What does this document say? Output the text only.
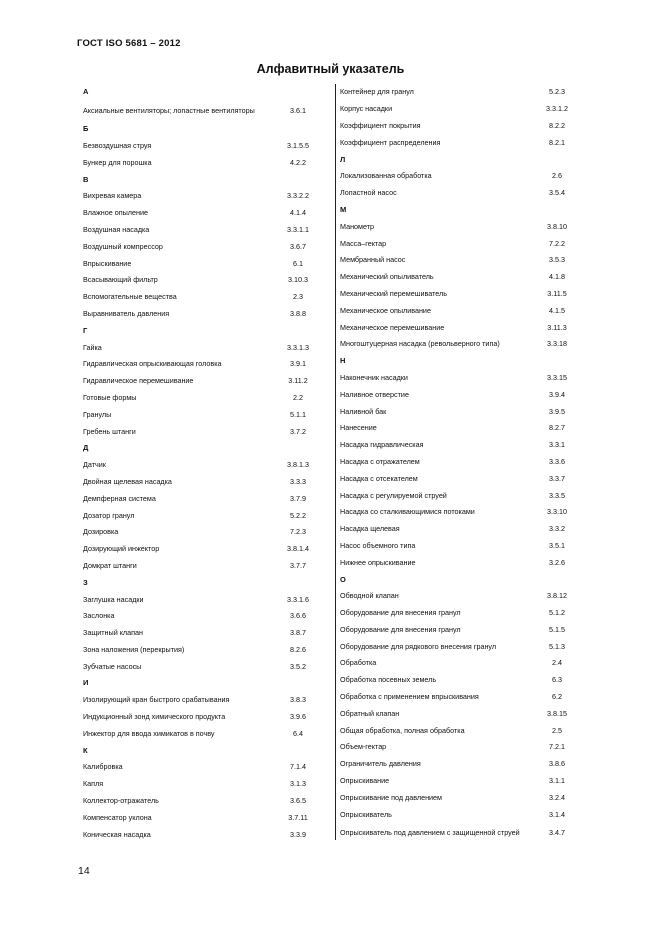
ГОСТ ISO 5681 – 2012
Алфавитный указатель
А
Аксиальные вентиляторы; лопастные вентиляторы	3.6.1
Б
Безвоздушная струя	3.1.5.5
Бункер для порошка	4.2.2
В
Вихревая камера	3.3.2.2
Влажное опыление	4.1.4
Воздушная насадка	3.3.1.1
Воздушный компрессор	3.6.7
Впрыскивание	6.1
Всасывающий фильтр	3.10.3
Вспомогательные вещества	2.3
Выравниватель давления	3.8.8
Г
Гайка	3.3.1.3
Гидравлическая опрыскивающая головка	3.9.1
Гидравлическое перемешивание	3.11.2
Готовые формы	2.2
Гранулы	5.1.1
Гребень штанги	3.7.2
Д
Датчик	3.8.1.3
Двойная щелевая насадка	3.3.3
Демпферная система	3.7.9
Дозатор гранул	5.2.2
Дозировка	7.2.3
Дозирующий инжектор	3.8.1.4
Домкрат штанги	3.7.7
З
Заглушка насадки	3.3.1.6
Заслонка	3.6.6
Защитный клапан	3.8.7
Зона наложения (перекрытия)	8.2.6
Зубчатые насосы	3.5.2
И
Изолирующий кран быстрого срабатывания	3.8.3
Индукционный зонд химического продукта	3.9.6
Инжектор для ввода химикатов в почву	6.4
К
Калибровка	7.1.4
Капля	3.1.3
Коллектор-отражатель	3.6.5
Компенсатор уклона	3.7.11
Коническая насадка	3.3.9
Контейнер для гранул	5.2.3
Корпус насадки	3.3.1.2
Коэффициент покрытия	8.2.2
Коэффициент распределения	8.2.1
Л
Локализованная обработка	2.6
Лопастной насос	3.5.4
М
Манометр	3.8.10
Масса–гектар	7.2.2
Мембранный насос	3.5.3
Механический опыливатель	4.1.8
Механический перемешиватель	3.11.5
Механическое опыливание	4.1.5
Механическое перемешивание	3.11.3
Многоштуцерная насадка (револьверного типа)	3.3.18
Н
Наконечник насадки	3.3.15
Наливное отверстие	3.9.4
Наливной бак	3.9.5
Нанесение	8.2.7
Насадка гидравлическая	3.3.1
Насадка с отражателем	3.3.6
Насадка с отсекателем	3.3.7
Насадка с регулируемой струей	3.3.5
Насадка со сталкивающимися потоками	3.3.10
Насадка щелевая	3.3.2
Насос объемного типа	3.5.1
Нижнее опрыскивание	3.2.6
О
Обводной клапан	3.8.12
Оборудование для внесения гранул	5.1.2
Оборудование для внесения гранул	5.1.5
Оборудование для рядкового внесения гранул	5.1.3
Обработка	2.4
Обработка посевных земель	6.3
Обработка с применением впрыскивания	6.2
Обратный клапан	3.8.15
Общая обработка, полная обработка	2.5
Объем-гектар	7.2.1
Ограничитель давления	3.8.6
Опрыскивание	3.1.1
Опрыскивание под давлением	3.2.4
Опрыскиватель	3.1.4
Опрыскиватель под давлением с защищенной струей	3.4.7
14
